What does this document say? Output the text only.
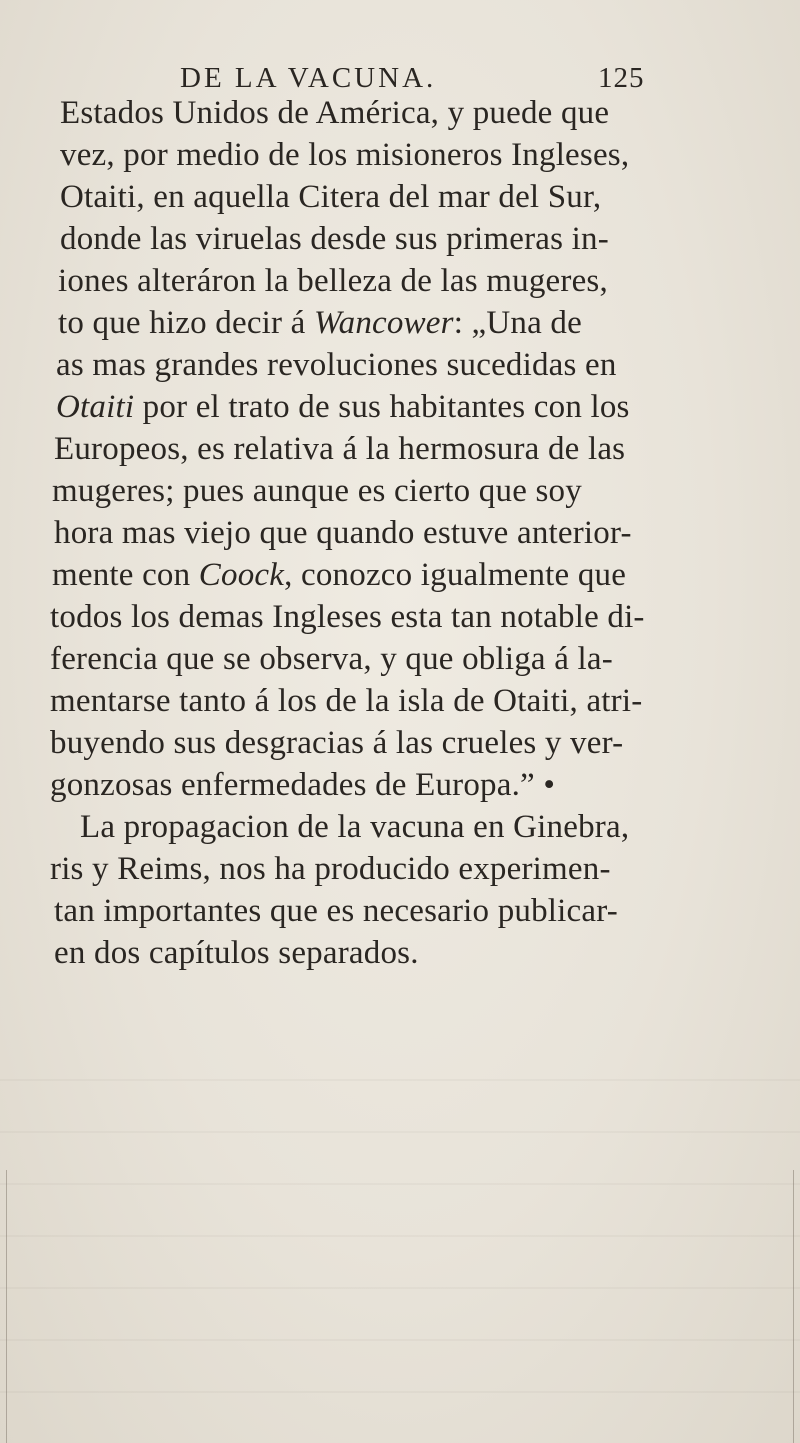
DE LA VACUNA.	125
Estados Unidos de América, y puede que
vez, por medio de los misioneros Ingleses,
Otaiti, en aquella Citera del mar del Sur,
donde las viruelas desde sus primeras in-
iones alteráron la belleza de las mugeres,
to que hizo decir á Wancower: „Una de
as mas grandes revoluciones sucedidas en
Otaiti por el trato de sus habitantes con los
Europeos, es relativa á la hermosura de las
mugeres; pues aunque es cierto que soy
hora mas viejo que quando estuve anterior-
mente con Coock, conozco igualmente que
todos los demas Ingleses esta tan notable di-
ferencia que se observa, y que obliga á la-
mentarse tanto á los de la isla de Otaiti, atri-
buyendo sus desgracias á las crueles y ver-
gonzosas enfermedades de Europa.” •
La propagacion de la vacuna en Ginebra,
ris y Reims, nos ha producido experimen-
tan importantes que es necesario publicar-
en dos capítulos separados.
